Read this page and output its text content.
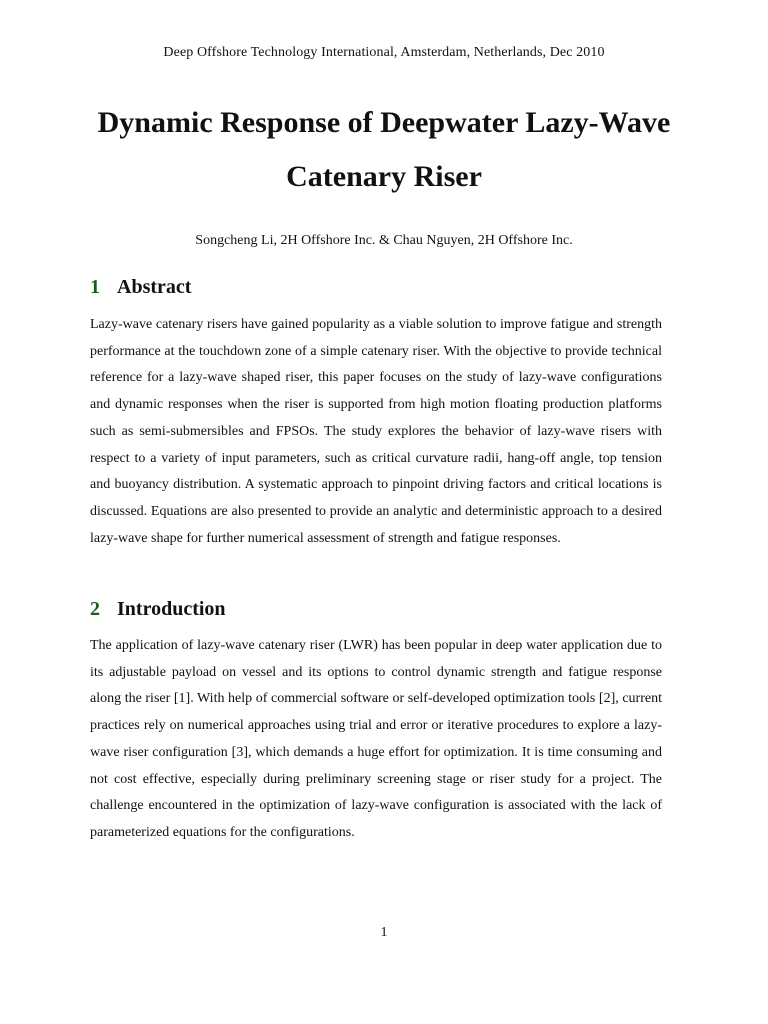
Deep Offshore Technology International, Amsterdam, Netherlands, Dec 2010
Dynamic Response of Deepwater Lazy-Wave Catenary Riser
Songcheng Li, 2H Offshore Inc. & Chau Nguyen, 2H Offshore Inc.
1 Abstract

Lazy-wave catenary risers have gained popularity as a viable solution to improve fatigue and strength performance at the touchdown zone of a simple catenary riser. With the objective to provide technical reference for a lazy-wave shaped riser, this paper focuses on the study of lazy-wave configurations and dynamic responses when the riser is supported from high motion floating production platforms such as semi-submersibles and FPSOs. The study explores the behavior of lazy-wave risers with respect to a variety of input parameters, such as critical curvature radii, hang-off angle, top tension and buoyancy distribution. A systematic approach to pinpoint driving factors and critical locations is discussed. Equations are also presented to provide an analytic and deterministic approach to a desired lazy-wave shape for further numerical assessment of strength and fatigue responses.

2 Introduction

The application of lazy-wave catenary riser (LWR) has been popular in deep water application due to its adjustable payload on vessel and its options to control dynamic strength and fatigue response along the riser [1]. With help of commercial software or self-developed optimization tools [2], current practices rely on numerical approaches using trial and error or iterative procedures to explore a lazy-wave riser configuration [3], which demands a huge effort for optimization. It is time consuming and not cost effective, especially during preliminary screening stage or riser study for a project. The challenge encountered in the optimization of lazy-wave configuration is associated with the lack of parameterized equations for the configurations.

1
